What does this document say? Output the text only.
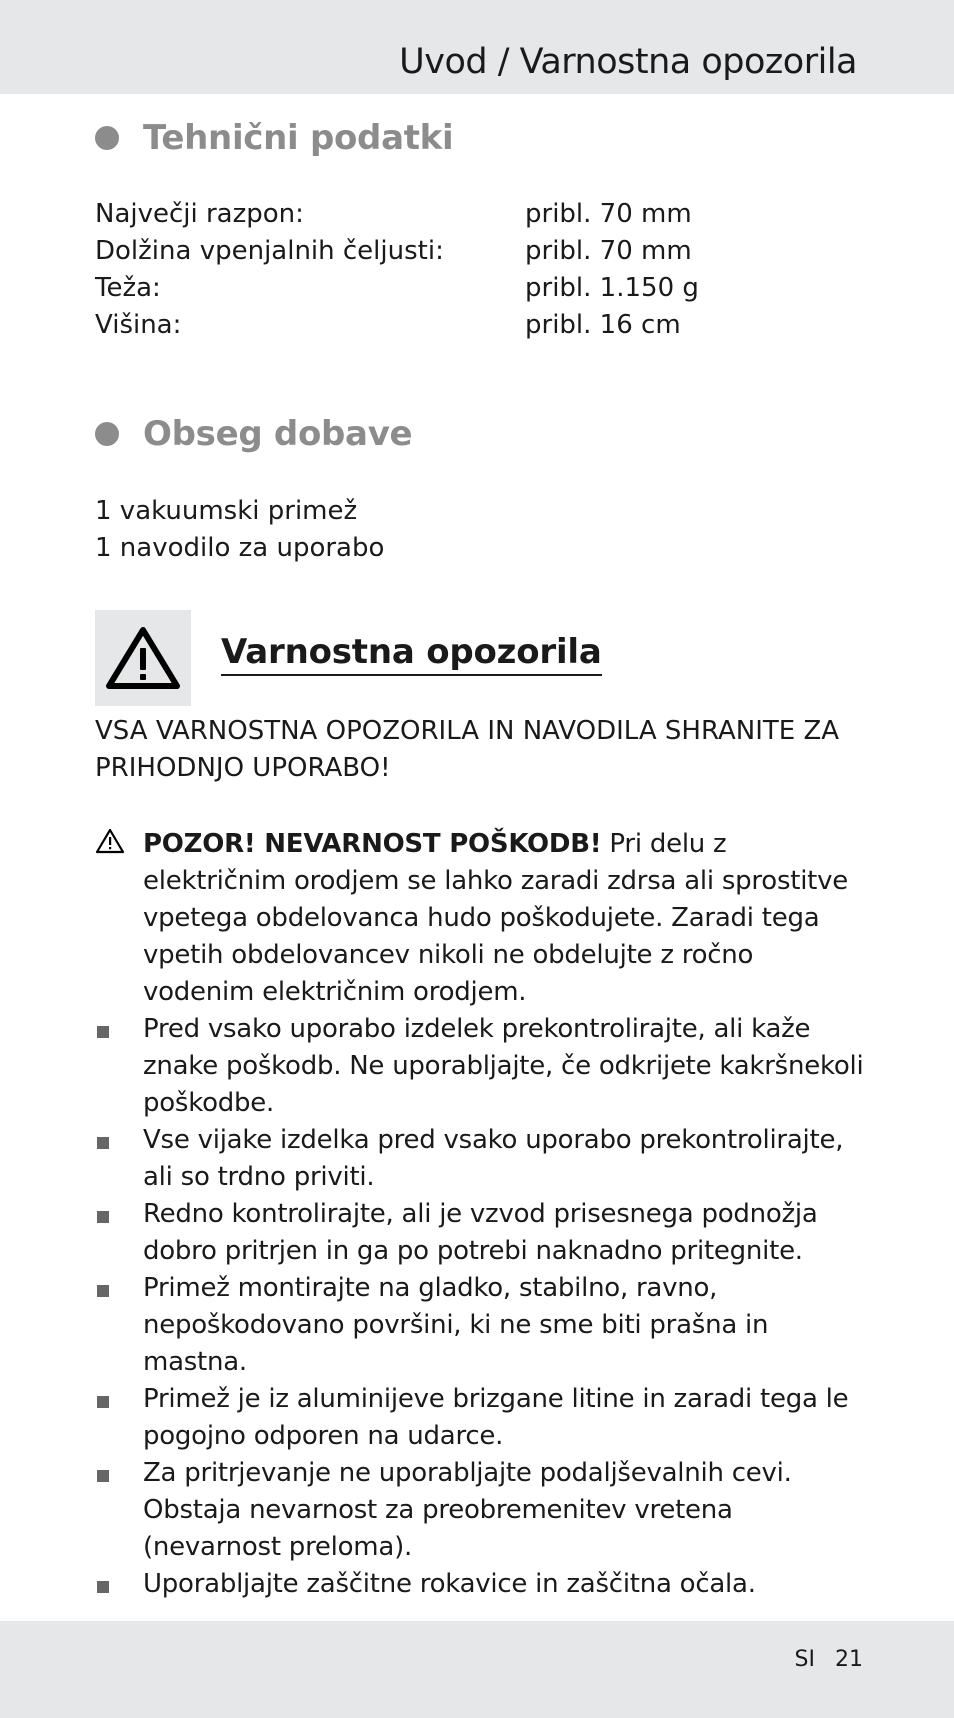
Uvod / Varnostna opozorila
Tehnični podatki
Največji razpon:	pribl. 70 mm
Dolžina vpenjalnih čeljusti:	pribl. 70 mm
Teža:	pribl. 1.150 g
Višina:	pribl. 16 cm
Obseg dobave
1 vakuumski primež
1 navodilo za uporabo
Varnostna opozorila
VSA VARNOSTNA OPOZORILA IN NAVODILA SHRANITE ZA PRIHODNJO UPORABO!
POZOR! NEVARNOST POŠKODB! Pri delu z električnim orodjem se lahko zaradi zdrsa ali sprostitve vpetega obdelovanca hudo poškodujete. Zaradi tega vpetih obdelovancev nikoli ne obdelujte z ročno vodenim električnim orodjem.
Pred vsako uporabo izdelek prekontrolirajte, ali kaže znake poškodb. Ne uporabljajte, če odkrijete kakršnekoli poškodbe.
Vse vijake izdelka pred vsako uporabo prekontrolirajte, ali so trdno priviti.
Redno kontrolirajte, ali je vzvod prisesnega podnožja dobro pritrjen in ga po potrebi naknadno pritegnite.
Primež montirajte na gladko, stabilno, ravno, nepoškodovano površini, ki ne sme biti prašna in mastna.
Primež je iz aluminijeve brizgane litine in zaradi tega le pogojno odporen na udarce.
Za pritrjevanje ne uporabljajte podaljševalnih cevi. Obstaja nevarnost za preobremenitev vretena (nevarnost preloma).
Uporabljajte zaščitne rokavice in zaščitna očala.
SI 21
